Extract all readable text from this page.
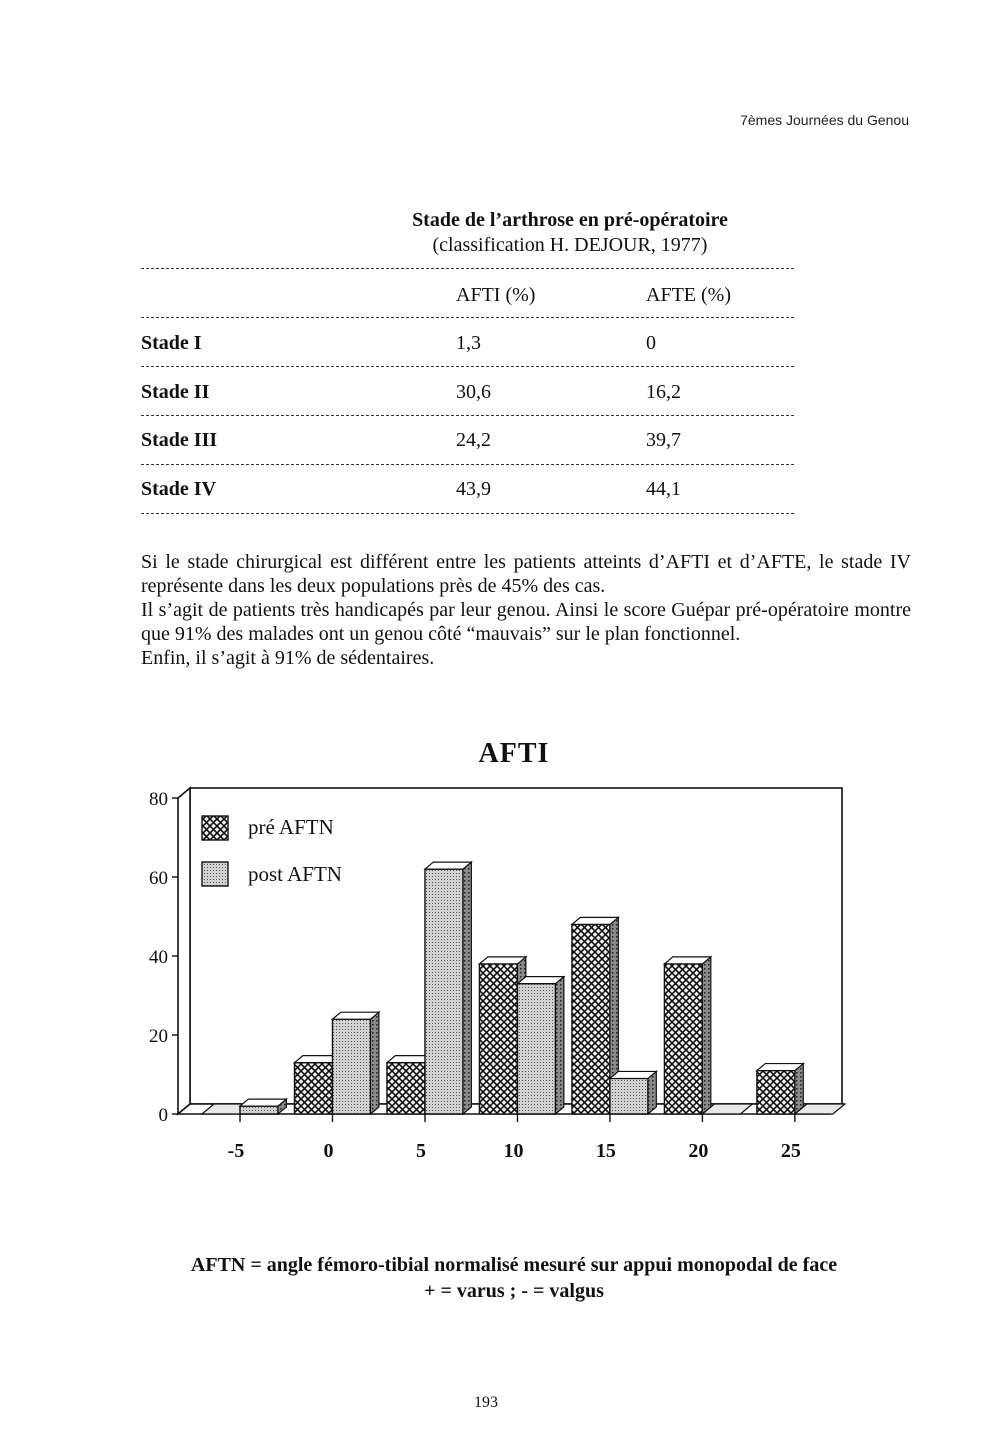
7èmes Journées du Genou
Stade de l’arthrose en pré-opératoire
(classification H. DEJOUR, 1977)
AFTI (%)	AFTE (%)
Stade I	1,3	0
Stade II	30,6	16,2
Stade III	24,2	39,7
Stade IV	43,9	44,1

Si le stade chirurgical est différent entre les patients atteints d’AFTI et d’AFTE, le stade IV représente dans les deux populations près de 45% des cas.

Il s’agit de patients très handicapés par leur genou. Ainsi le score Guépar pré-opératoire montre que 91% des malades ont un genou côté “mauvais” sur le plan fonctionnel.

Enfin, il s’agit à 91% de sédentaires.

AFTI
0
20
40
60
80
-5	0	5	10	15	20	25
pré AFTN
post AFTN
AFTN = angle fémoro-tibial normalisé mesuré sur appui monopodal de face
+ = varus ; - = valgus
193
